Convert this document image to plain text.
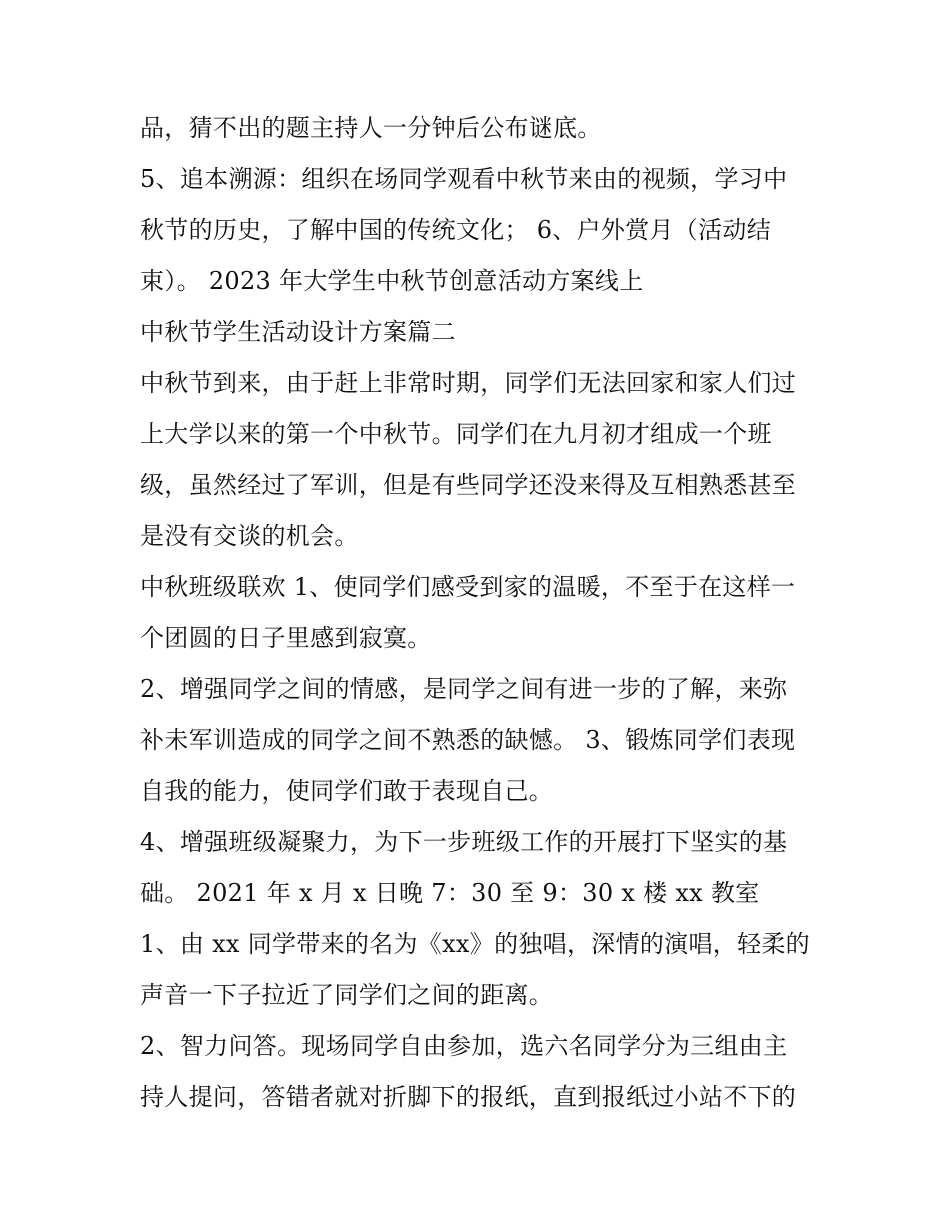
品，猜不出的题主持人一分钟后公布谜底。
5、追本溯源：组织在场同学观看中秋节来由的视频，学习中
秋节的历史，了解中国的传统文化； 6、户外赏月（活动结
束）。 2023 年大学生中秋节创意活动方案线上
中秋节学生活动设计方案篇二
中秋节到来，由于赶上非常时期，同学们无法回家和家人们过
上大学以来的第一个中秋节。同学们在九月初才组成一个班
级，虽然经过了军训，但是有些同学还没来得及互相熟悉甚至
是没有交谈的机会。
中秋班级联欢 1、使同学们感受到家的温暖，不至于在这样一
个团圆的日子里感到寂寞。
2、增强同学之间的情感，是同学之间有进一步的了解，来弥
补未军训造成的同学之间不熟悉的缺憾。 3、锻炼同学们表现
自我的能力，使同学们敢于表现自己。
4、增强班级凝聚力，为下一步班级工作的开展打下坚实的基
础。 2021 年 x 月 x 日晚 7：30 至 9：30 x 楼 xx 教室
1、由 xx 同学带来的名为《xx》的独唱，深情的演唱，轻柔的
声音一下子拉近了同学们之间的距离。
2、智力问答。现场同学自由参加，选六名同学分为三组由主
持人提问，答错者就对折脚下的报纸，直到报纸过小站不下的
